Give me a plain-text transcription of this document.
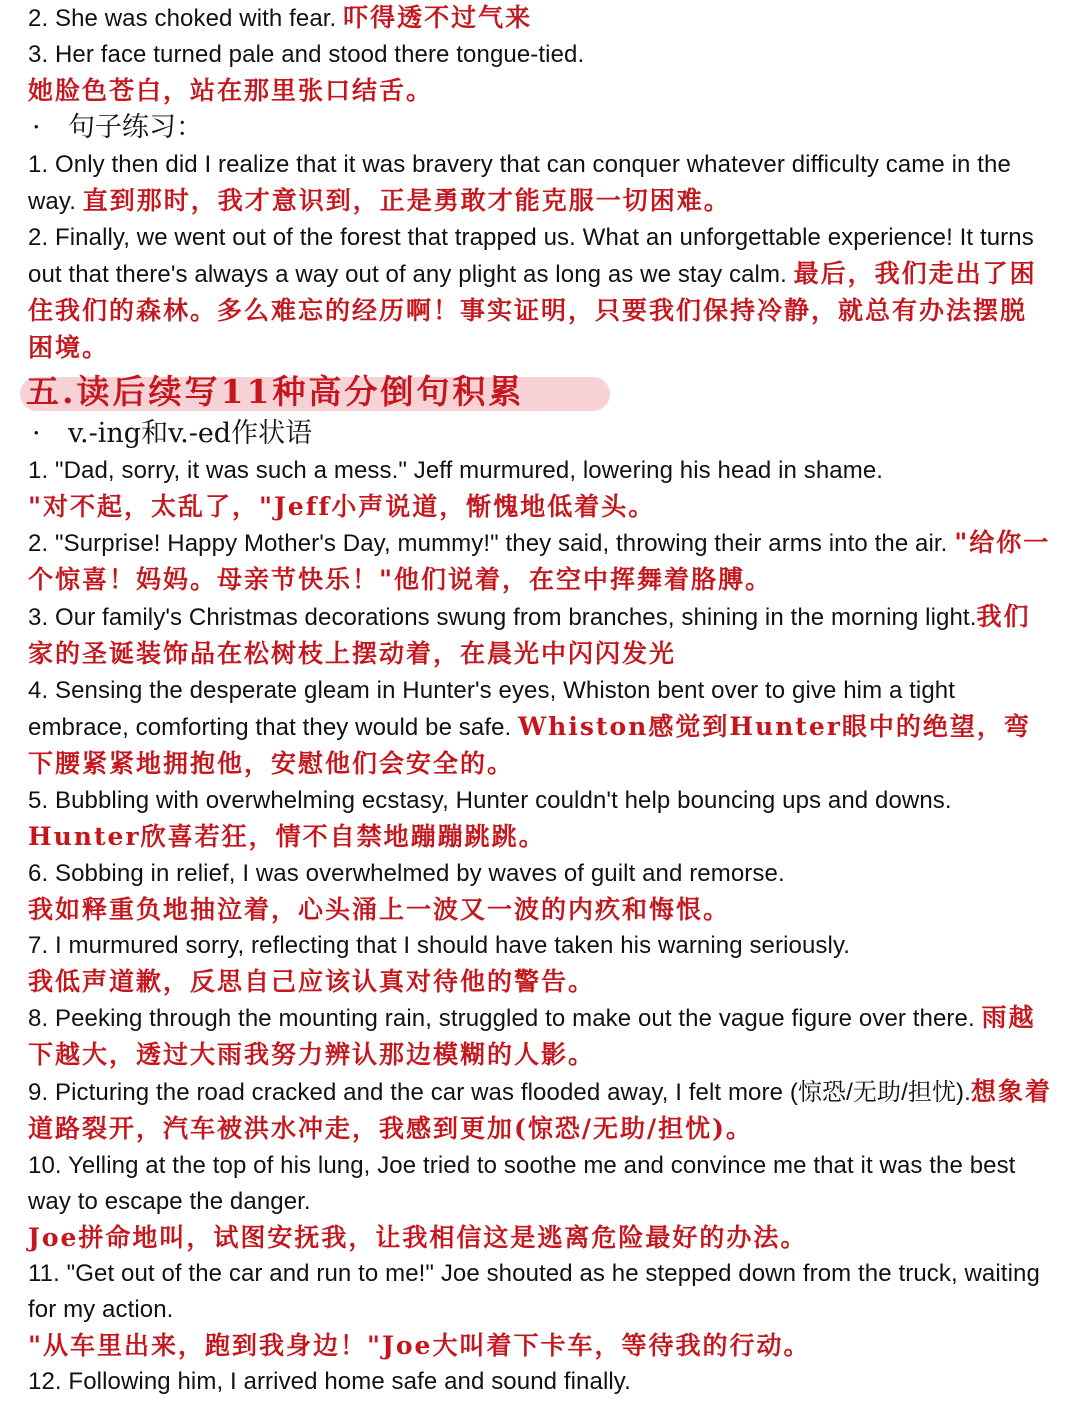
2. She was choked with fear. 吓得透不过气来
3. Her face turned pale and stood there tongue-tied.
她脸色苍白，站在那里张口结舌。
· 句子练习：
1. Only then did I realize that it was bravery that can conquer whatever difficulty came in the way. 直到那时，我才意识到，正是勇敢才能克服一切困难。
2. Finally, we went out of the forest that trapped us. What an unforgettable experience! It turns out that there's always a way out of any plight as long as we stay calm. 最后，我们走出了困住我们的森林。多么难忘的经历啊！事实证明，只要我们保持冷静，就总有办法摆脱困境。
五.读后续写11种高分倒句积累
· v.-ing和v.-ed作状语
1. "Dad, sorry, it was such a mess." Jeff murmured, lowering his head in shame.
"对不起，太乱了，"Jeff小声说道，惭愧地低着头。
2. "Surprise! Happy Mother's Day, mummy!" they said, throwing their arms into the air. "给你一个惊喜！妈妈。母亲节快乐！"他们说着，在空中挥舞着胳膊。
3. Our family's Christmas decorations swung from branches, shining in the morning light.我们家的圣诞装饰品在松树枝上摆动着，在晨光中闪闪发光
4. Sensing the desperate gleam in Hunter's eyes, Whiston bent over to give him a tight embrace, comforting that they would be safe. Whiston感觉到Hunter眼中的绝望，弯下腰紧紧地拥抱他，安慰他们会安全的。
5. Bubbling with overwhelming ecstasy, Hunter couldn't help bouncing ups and downs. Hunter欣喜若狂，情不自禁地蹦蹦跳跳。
6. Sobbing in relief, I was overwhelmed by waves of guilt and remorse.
我如释重负地抽泣着，心头涌上一波又一波的内疚和悔恨。
7. I murmured sorry, reflecting that I should have taken his warning seriously.
我低声道歉，反思自己应该认真对待他的警告。
8. Peeking through the mounting rain, struggled to make out the vague figure over there. 雨越下越大，透过大雨我努力辨认那边模糊的人影。
9. Picturing the road cracked and the car was flooded away, I felt more (惊恐/无助/担忧).想象着道路裂开，汽车被洪水冲走，我感到更加(惊恐/无助/担忧)。
10. Yelling at the top of his lung, Joe tried to soothe me and convince me that it was the best way to escape the danger.
Joe拼命地叫，试图安抚我，让我相信这是逃离危险最好的办法。
11. "Get out of the car and run to me!" Joe shouted as he stepped down from the truck, waiting for my action.
"从车里出来，跑到我身边！"Joe大叫着下卡车，等待我的行动。
12. Following him, I arrived home safe and sound finally.
